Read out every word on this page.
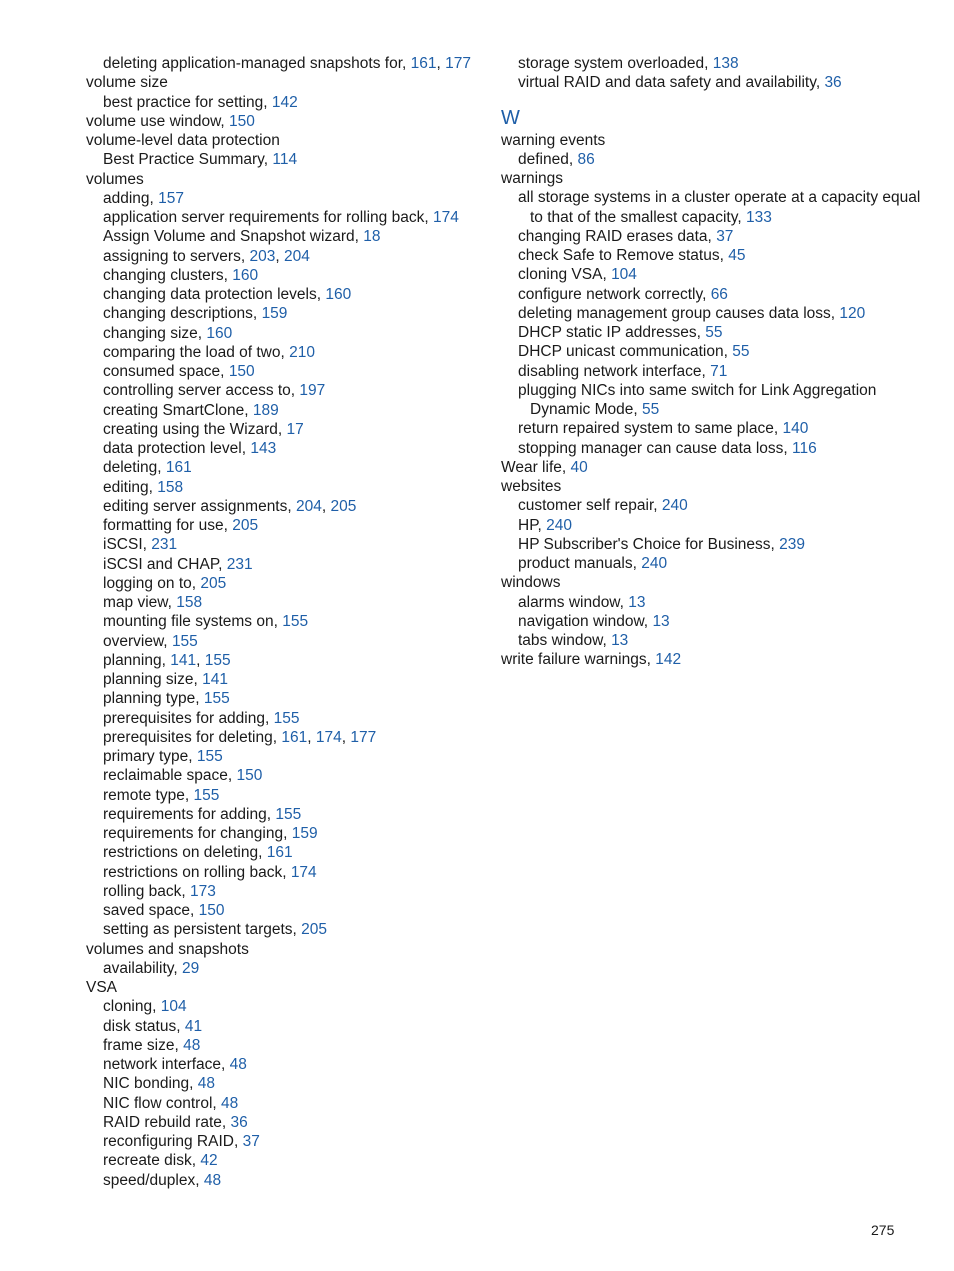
deleting application-managed snapshots for, 161, 177
volume size
best practice for setting, 142
volume use window, 150
volume-level data protection
Best Practice Summary, 114
volumes
adding, 157
application server requirements for rolling back, 174
Assign Volume and Snapshot wizard, 18
assigning to servers, 203, 204
changing clusters, 160
changing data protection levels, 160
changing descriptions, 159
changing size, 160
comparing the load of two, 210
consumed space, 150
controlling server access to, 197
creating SmartClone, 189
creating using the Wizard, 17
data protection level, 143
deleting, 161
editing, 158
editing server assignments, 204, 205
formatting for use, 205
iSCSI, 231
iSCSI and CHAP, 231
logging on to, 205
map view, 158
mounting file systems on, 155
overview, 155
planning, 141, 155
planning size, 141
planning type, 155
prerequisites for adding, 155
prerequisites for deleting, 161, 174, 177
primary type, 155
reclaimable space, 150
remote type, 155
requirements for adding, 155
requirements for changing, 159
restrictions on deleting, 161
restrictions on rolling back, 174
rolling back, 173
saved space, 150
setting as persistent targets, 205
volumes and snapshots
availability, 29
VSA
cloning, 104
disk status, 41
frame size, 48
network interface, 48
NIC bonding, 48
NIC flow control, 48
RAID rebuild rate, 36
reconfiguring RAID, 37
recreate disk, 42
speed/duplex, 48
storage system overloaded, 138
virtual RAID and data safety and availability, 36
W
warning events
defined, 86
warnings
all storage systems in a cluster operate at a capacity equal to that of the smallest capacity, 133
changing RAID erases data, 37
check Safe to Remove status, 45
cloning VSA, 104
configure network correctly, 66
deleting management group causes data loss, 120
DHCP static IP addresses, 55
DHCP unicast communication, 55
disabling network interface, 71
plugging NICs into same switch for Link Aggregation Dynamic Mode, 55
return repaired system to same place, 140
stopping manager can cause data loss, 116
Wear life, 40
websites
customer self repair, 240
HP, 240
HP Subscriber's Choice for Business, 239
product manuals, 240
windows
alarms window, 13
navigation window, 13
tabs window, 13
write failure warnings, 142
275
